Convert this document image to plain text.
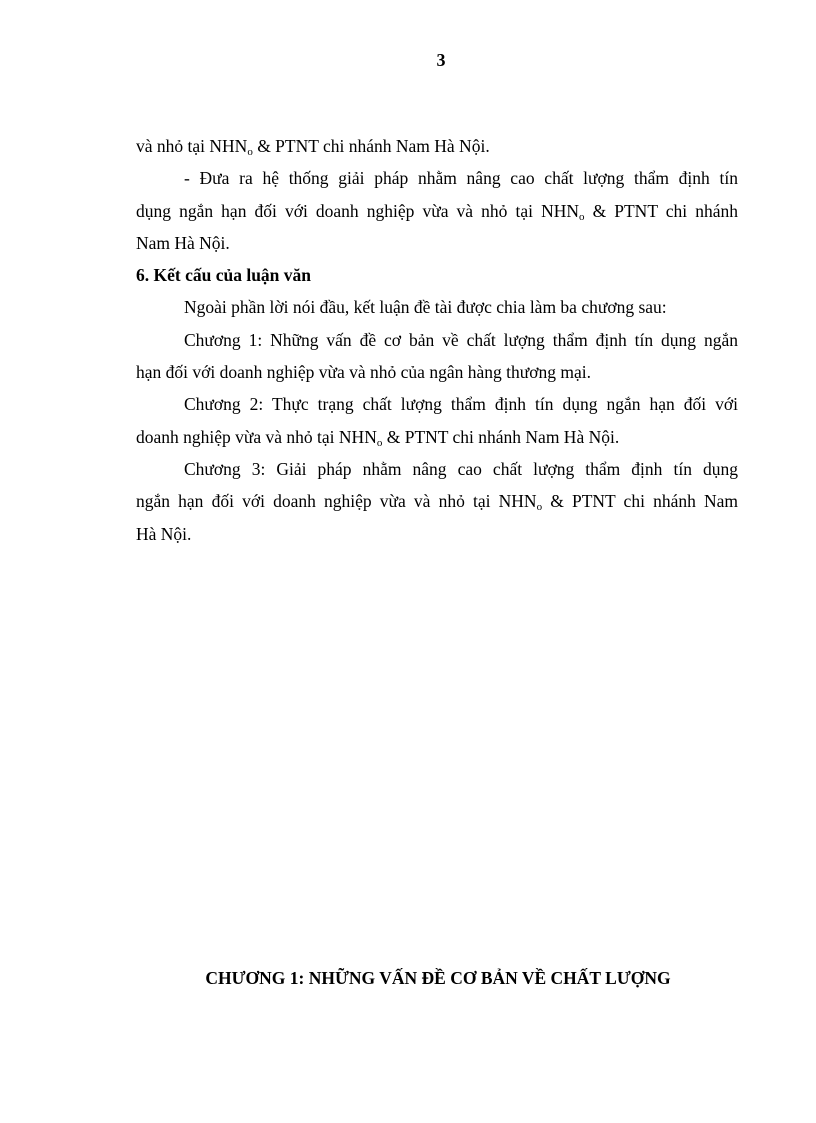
3
và nhỏ tại $NHN_o$ & PTNT chi nhánh Nam Hà Nội.
- Đưa ra hệ thống giải pháp nhằm nâng cao chất lượng thẩm định tín
dụng ngắn hạn đối với doanh nghiệp vừa và nhỏ tại $NHN_o$ & PTNT chi nhánh
Nam Hà Nội.
6. Kết cấu của luận văn
Ngoài phần lời nói đầu, kết luận đề tài được chia làm ba chương sau:
Chương 1: Những vấn đề cơ bản về chất lượng thẩm định tín dụng ngắn
hạn đối với doanh nghiệp vừa và nhỏ của ngân hàng thương mại.
Chương 2: Thực trạng chất lượng thẩm định tín dụng ngắn hạn đối với
doanh nghiệp vừa và nhỏ tại $NHN_o$ & PTNT chi nhánh Nam Hà Nội.
Chương 3: Giải pháp nhằm nâng cao chất lượng thẩm định tín dụng
ngắn hạn đối với doanh nghiệp vừa và nhỏ tại $NHN_o$ & PTNT chi nhánh Nam
Hà Nội.
CHƯƠNG 1: NHỮNG VẤN ĐỀ CƠ BẢN VỀ CHẤT LƯỢNG
